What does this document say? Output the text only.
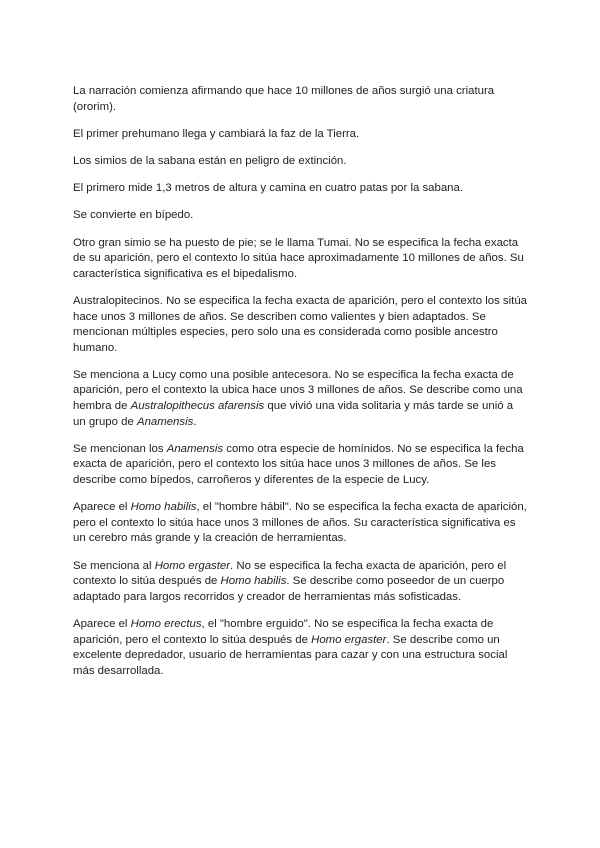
La narración comienza afirmando que hace 10 millones de años surgió una criatura (ororim).

El primer prehumano llega y cambiará la faz de la Tierra.

Los simios de la sabana están en peligro de extinción.

El primero mide 1,3 metros de altura y camina en cuatro patas por la sabana.

Se convierte en bípedo.

Otro gran simio se ha puesto de pie; se le llama Tumai. No se especifica la fecha exacta de su aparición, pero el contexto lo sitúa hace aproximadamente 10 millones de años. Su característica significativa es el bipedalismo.

Australopitecinos. No se especifica la fecha exacta de aparición, pero el contexto los sitúa hace unos 3 millones de años. Se describen como valientes y bien adaptados. Se mencionan múltiples especies, pero solo una es considerada como posible ancestro humano.

Se menciona a Lucy como una posible antecesora. No se especifica la fecha exacta de aparición, pero el contexto la ubica hace unos 3 millones de años. Se describe como una hembra de Australopithecus afarensis que vivió una vida solitaria y más tarde se unió a un grupo de Anamensis.

Se mencionan los Anamensis como otra especie de homínidos. No se especifica la fecha exacta de aparición, pero el contexto los sitúa hace unos 3 millones de años. Se les describe como bípedos, carroñeros y diferentes de la especie de Lucy.

Aparece el Homo habilis, el "hombre hábil". No se especifica la fecha exacta de aparición, pero el contexto lo sitúa hace unos 3 millones de años. Su característica significativa es un cerebro más grande y la creación de herramientas.

Se menciona al Homo ergaster. No se especifica la fecha exacta de aparición, pero el contexto lo sitúa después de Homo habilis. Se describe como poseedor de un cuerpo adaptado para largos recorridos y creador de herramientas más sofisticadas.

Aparece el Homo erectus, el "hombre erguido". No se especifica la fecha exacta de aparición, pero el contexto lo sitúa después de Homo ergaster. Se describe como un excelente depredador, usuario de herramientas para cazar y con una estructura social más desarrollada.
